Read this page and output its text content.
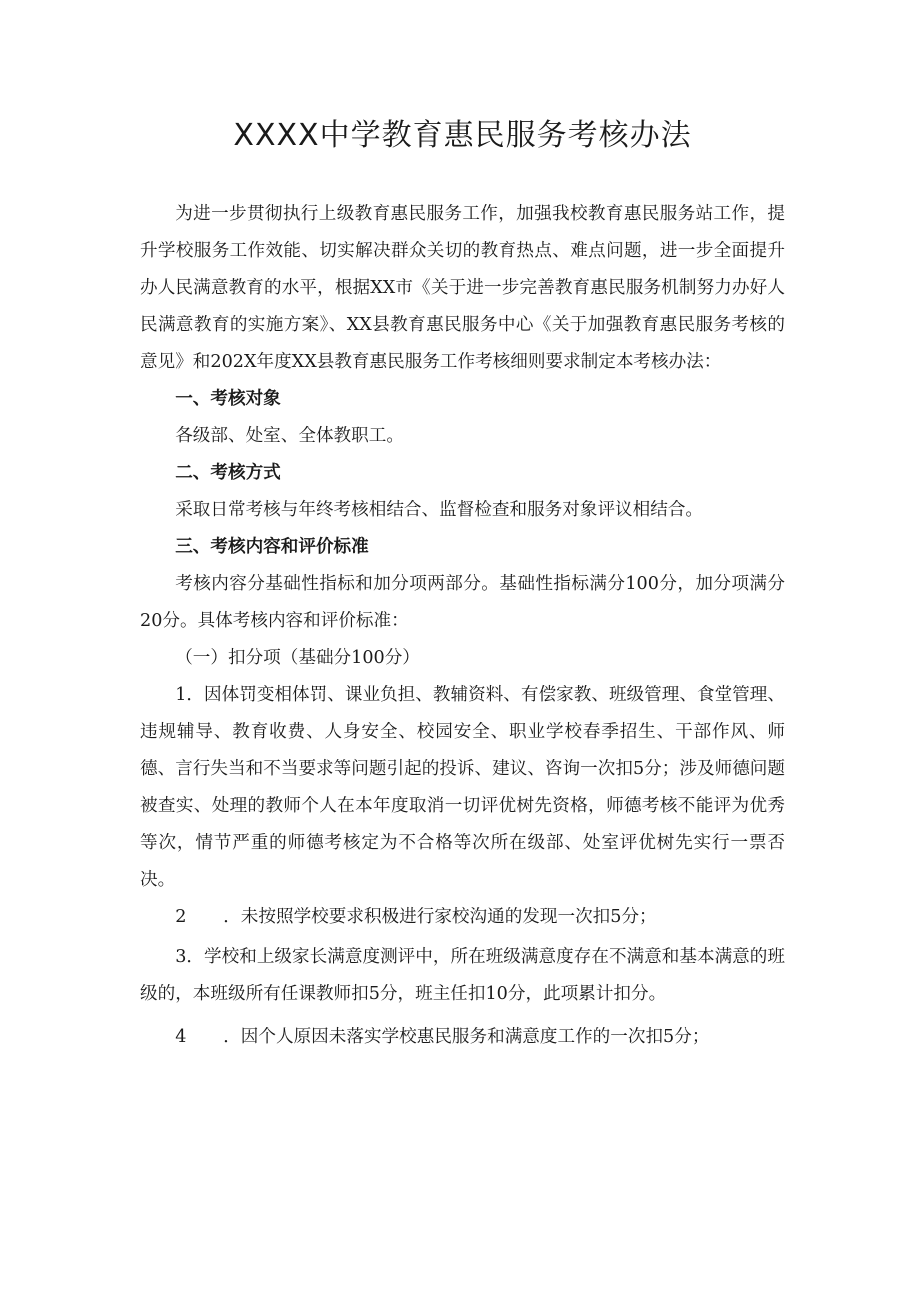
XXXX中学教育惠民服务考核办法

为进一步贯彻执行上级教育惠民服务工作，加强我校教育惠民服务站工作，提升学校服务工作效能、切实解决群众关切的教育热点、难点问题，进一步全面提升办人民满意教育的水平，根据XX市《关于进一步完善教育惠民服务机制努力办好人民满意教育的实施方案》、XX县教育惠民服务中心《关于加强教育惠民服务考核的意见》和202X年度XX县教育惠民服务工作考核细则要求制定本考核办法：

一、考核对象

各级部、处室、全体教职工。

二、考核方式

采取日常考核与年终考核相结合、监督检查和服务对象评议相结合。

三、考核内容和评价标准

考核内容分基础性指标和加分项两部分。基础性指标满分100分，加分项满分20分。具体考核内容和评价标准：

（一）扣分项（基础分100分）

1．因体罚变相体罚、课业负担、教辅资料、有偿家教、班级管理、食堂管理、违规辅导、教育收费、人身安全、校园安全、职业学校春季招生、干部作风、师德、言行失当和不当要求等问题引起的投诉、建议、咨询一次扣5分；涉及师德问题被查实、处理的教师个人在本年度取消一切评优树先资格，师德考核不能评为优秀等次，情节严重的师德考核定为不合格等次所在级部、处室评优树先实行一票否决。

2 ．未按照学校要求积极进行家校沟通的发现一次扣5分；

3．学校和上级家长满意度测评中，所在班级满意度存在不满意和基本满意的班级的，本班级所有任课教师扣5分，班主任扣10分，此项累计扣分。

4 ．因个人原因未落实学校惠民服务和满意度工作的一次扣5分；
